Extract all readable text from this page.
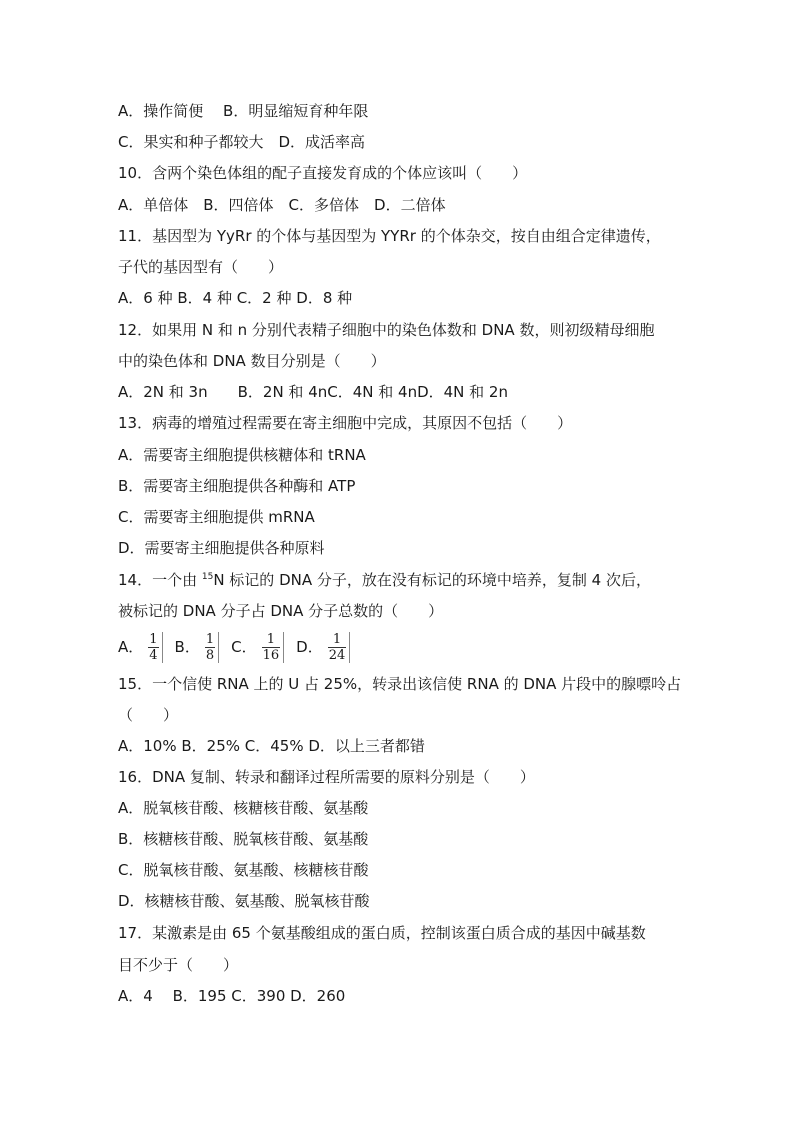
A．操作简便　 B．明显缩短育种年限
C．果实和种子都较大　D．成活率高
10．含两个染色体组的配子直接发育成的个体应该叫（　　）
A．单倍体　B．四倍体　C．多倍体　D．二倍体
11．基因型为 YyRr 的个体与基因型为 YYRr 的个体杂交，按自由组合定律遗传，
子代的基因型有（　　）
A．6 种 B．4 种 C．2 种 D．8 种
12．如果用 N 和 n 分别代表精子细胞中的染色体数和 DNA 数，则初级精母细胞
中的染色体和 DNA 数目分别是（　　）
A．2N 和 3n　　B．2N 和 4nC．4N 和 4nD．4N 和 2n
13．病毒的增殖过程需要在寄主细胞中完成，其原因不包括（　　）
A．需要寄主细胞提供核糖体和 tRNA
B．需要寄主细胞提供各种酶和 ATP
C．需要寄主细胞提供 mRNA
D．需要寄主细胞提供各种原料
14．一个由 $^{15}$N 标记的 DNA 分子，放在没有标记的环境中培养，复制 4 次后，
被标记的 DNA 分子占 DNA 分子总数的（　　）
A． $\frac{1}{4}$ B． $\frac{1}{8}$ C． $\frac{1}{16}$ D． $\frac{1}{24}$
15．一个信使 RNA 上的 U 占 25%，转录出该信使 RNA 的 DNA 片段中的腺嘌呤占
（　　）
A．10% B．25% C．45% D．以上三者都错
16．DNA 复制、转录和翻译过程所需要的原料分别是（　　）
A．脱氧核苷酸、核糖核苷酸、氨基酸
B．核糖核苷酸、脱氧核苷酸、氨基酸
C．脱氧核苷酸、氨基酸、核糖核苷酸
D．核糖核苷酸、氨基酸、脱氧核苷酸
17．某激素是由 65 个氨基酸组成的蛋白质，控制该蛋白质合成的基因中碱基数
目不少于（　　）
A．4　 B．195 C．390 D．260
